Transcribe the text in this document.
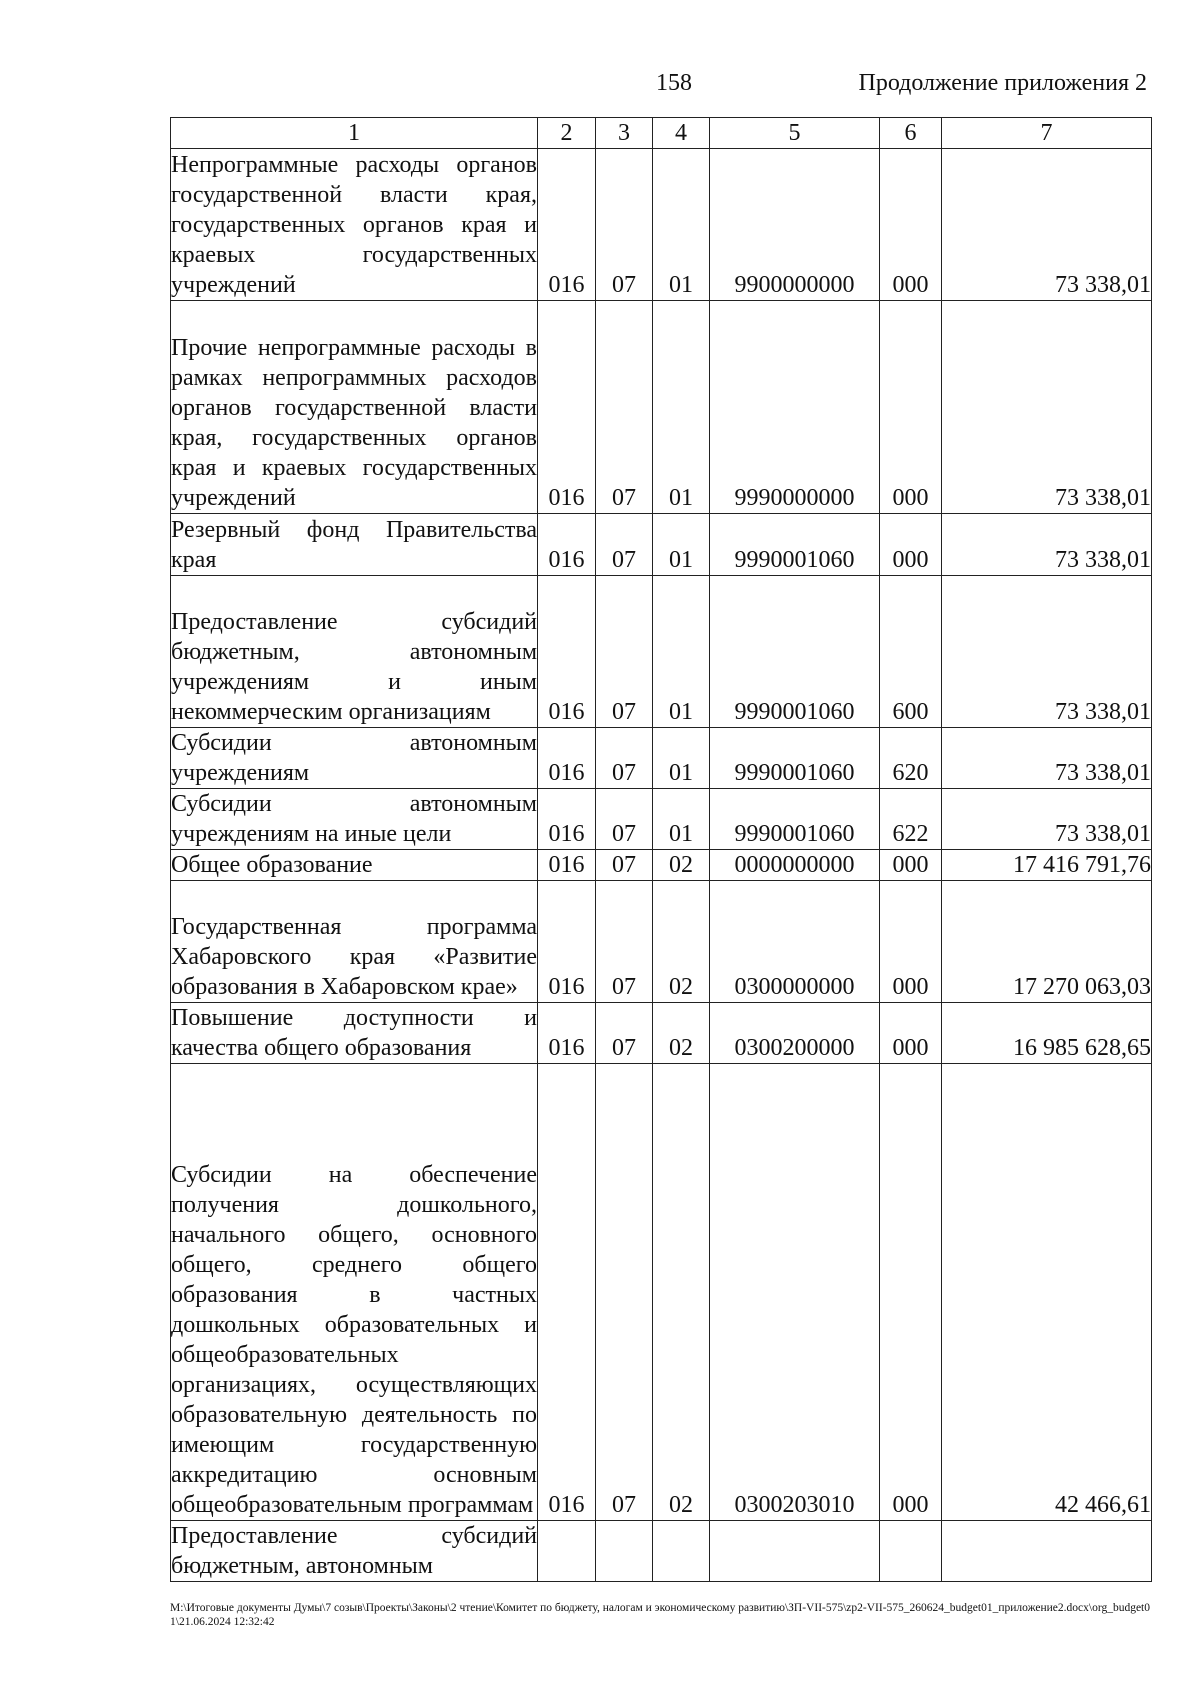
158	Продолжение приложения 2
1	2	3	4	5	6	7
Непрограммные расходы органов государственной власти края, государственных органов края и краевых государственных учреждений	016	07	01	9900000000	000	73 338,01
Прочие непрограммные расходы в рамках непрограммных расходов органов государственной власти края, государственных органов края и краевых государственных учреждений	016	07	01	9990000000	000	73 338,01
Резервный фонд Правительства края	016	07	01	9990001060	000	73 338,01
Предоставление субсидий бюджетным, автономным учреждениям и иным некоммерческим организациям	016	07	01	9990001060	600	73 338,01
Субсидии автономным учреждениям	016	07	01	9990001060	620	73 338,01
Субсидии автономным учреждениям на иные цели	016	07	01	9990001060	622	73 338,01
Общее образование	016	07	02	0000000000	000	17 416 791,76
Государственная программа Хабаровского края «Развитие образования в Хабаровском крае»	016	07	02	0300000000	000	17 270 063,03
Повышение доступности и качества общего образования	016	07	02	0300200000	000	16 985 628,65
Субсидии на обеспечение получения дошкольного, начального общего, основного общего, среднего общего образования в частных дошкольных образовательных и общеобразовательных организациях, осуществляющих образовательную деятельность по имеющим государственную аккредитацию основным общеобразовательным программам	016	07	02	0300203010	000	42 466,61
Предоставление субсидий бюджетным, автономным						
M:\Итоговые документы Думы\7 созыв\Проекты\Законы\2 чтение\Комитет по бюджету, налогам и экономическому развитию\ЗП-VII-575\zp2-VII-575_260624_budget01_приложение2.docx\org_budget01\21.06.2024 12:32:42
